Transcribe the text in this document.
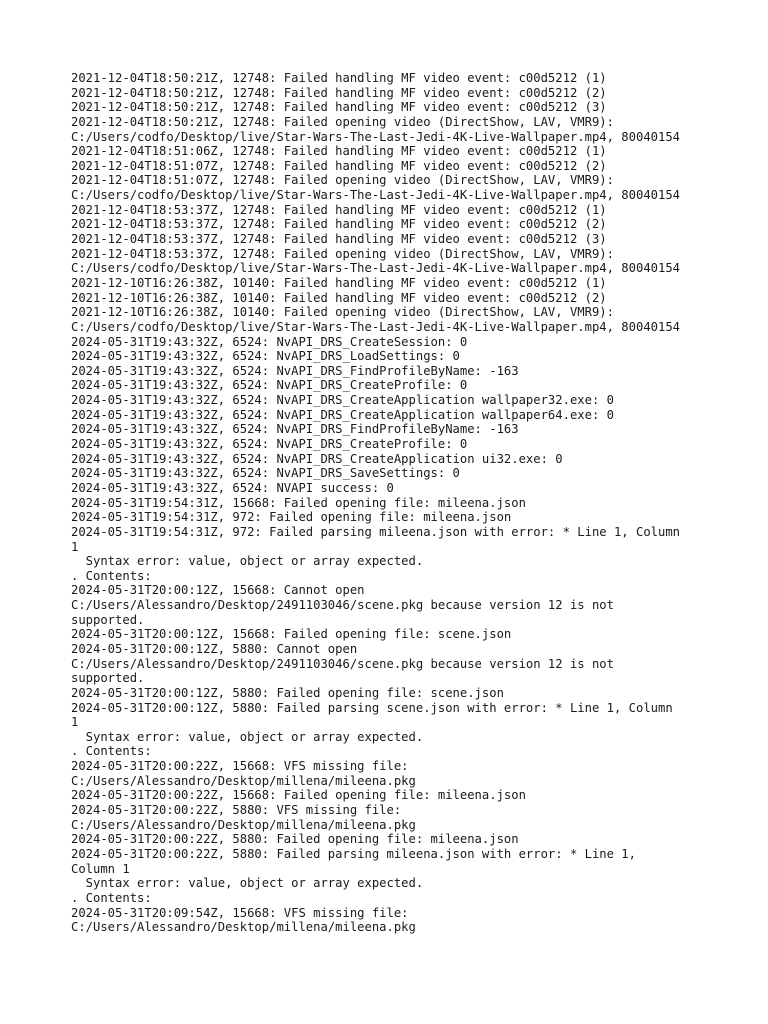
2021-12-04T18:50:21Z, 12748: Failed handling MF video event: c00d5212 (1)
2021-12-04T18:50:21Z, 12748: Failed handling MF video event: c00d5212 (2)
2021-12-04T18:50:21Z, 12748: Failed handling MF video event: c00d5212 (3)
2021-12-04T18:50:21Z, 12748: Failed opening video (DirectShow, LAV, VMR9):
C:/Users/codfo/Desktop/live/Star-Wars-The-Last-Jedi-4K-Live-Wallpaper.mp4, 80040154
2021-12-04T18:51:06Z, 12748: Failed handling MF video event: c00d5212 (1)
2021-12-04T18:51:07Z, 12748: Failed handling MF video event: c00d5212 (2)
2021-12-04T18:51:07Z, 12748: Failed opening video (DirectShow, LAV, VMR9):
C:/Users/codfo/Desktop/live/Star-Wars-The-Last-Jedi-4K-Live-Wallpaper.mp4, 80040154
2021-12-04T18:53:37Z, 12748: Failed handling MF video event: c00d5212 (1)
2021-12-04T18:53:37Z, 12748: Failed handling MF video event: c00d5212 (2)
2021-12-04T18:53:37Z, 12748: Failed handling MF video event: c00d5212 (3)
2021-12-04T18:53:37Z, 12748: Failed opening video (DirectShow, LAV, VMR9):
C:/Users/codfo/Desktop/live/Star-Wars-The-Last-Jedi-4K-Live-Wallpaper.mp4, 80040154
2021-12-10T16:26:38Z, 10140: Failed handling MF video event: c00d5212 (1)
2021-12-10T16:26:38Z, 10140: Failed handling MF video event: c00d5212 (2)
2021-12-10T16:26:38Z, 10140: Failed opening video (DirectShow, LAV, VMR9):
C:/Users/codfo/Desktop/live/Star-Wars-The-Last-Jedi-4K-Live-Wallpaper.mp4, 80040154
2024-05-31T19:43:32Z, 6524: NvAPI_DRS_CreateSession: 0
2024-05-31T19:43:32Z, 6524: NvAPI_DRS_LoadSettings: 0
2024-05-31T19:43:32Z, 6524: NvAPI_DRS_FindProfileByName: -163
2024-05-31T19:43:32Z, 6524: NvAPI_DRS_CreateProfile: 0
2024-05-31T19:43:32Z, 6524: NvAPI_DRS_CreateApplication wallpaper32.exe: 0
2024-05-31T19:43:32Z, 6524: NvAPI_DRS_CreateApplication wallpaper64.exe: 0
2024-05-31T19:43:32Z, 6524: NvAPI_DRS_FindProfileByName: -163
2024-05-31T19:43:32Z, 6524: NvAPI_DRS_CreateProfile: 0
2024-05-31T19:43:32Z, 6524: NvAPI_DRS_CreateApplication ui32.exe: 0
2024-05-31T19:43:32Z, 6524: NvAPI_DRS_SaveSettings: 0
2024-05-31T19:43:32Z, 6524: NVAPI success: 0
2024-05-31T19:54:31Z, 15668: Failed opening file: mileena.json
2024-05-31T19:54:31Z, 972: Failed opening file: mileena.json
2024-05-31T19:54:31Z, 972: Failed parsing mileena.json with error: * Line 1, Column
1
Syntax error: value, object or array expected.
. Contents:
2024-05-31T20:00:12Z, 15668: Cannot open
C:/Users/Alessandro/Desktop/2491103046/scene.pkg because version 12 is not
supported.
2024-05-31T20:00:12Z, 15668: Failed opening file: scene.json
2024-05-31T20:00:12Z, 5880: Cannot open
C:/Users/Alessandro/Desktop/2491103046/scene.pkg because version 12 is not
supported.
2024-05-31T20:00:12Z, 5880: Failed opening file: scene.json
2024-05-31T20:00:12Z, 5880: Failed parsing scene.json with error: * Line 1, Column
1
Syntax error: value, object or array expected.
. Contents:
2024-05-31T20:00:22Z, 15668: VFS missing file:
C:/Users/Alessandro/Desktop/millena/mileena.pkg
2024-05-31T20:00:22Z, 15668: Failed opening file: mileena.json
2024-05-31T20:00:22Z, 5880: VFS missing file:
C:/Users/Alessandro/Desktop/millena/mileena.pkg
2024-05-31T20:00:22Z, 5880: Failed opening file: mileena.json
2024-05-31T20:00:22Z, 5880: Failed parsing mileena.json with error: * Line 1,
Column 1
Syntax error: value, object or array expected.
. Contents:
2024-05-31T20:09:54Z, 15668: VFS missing file:
C:/Users/Alessandro/Desktop/millena/mileena.pkg
